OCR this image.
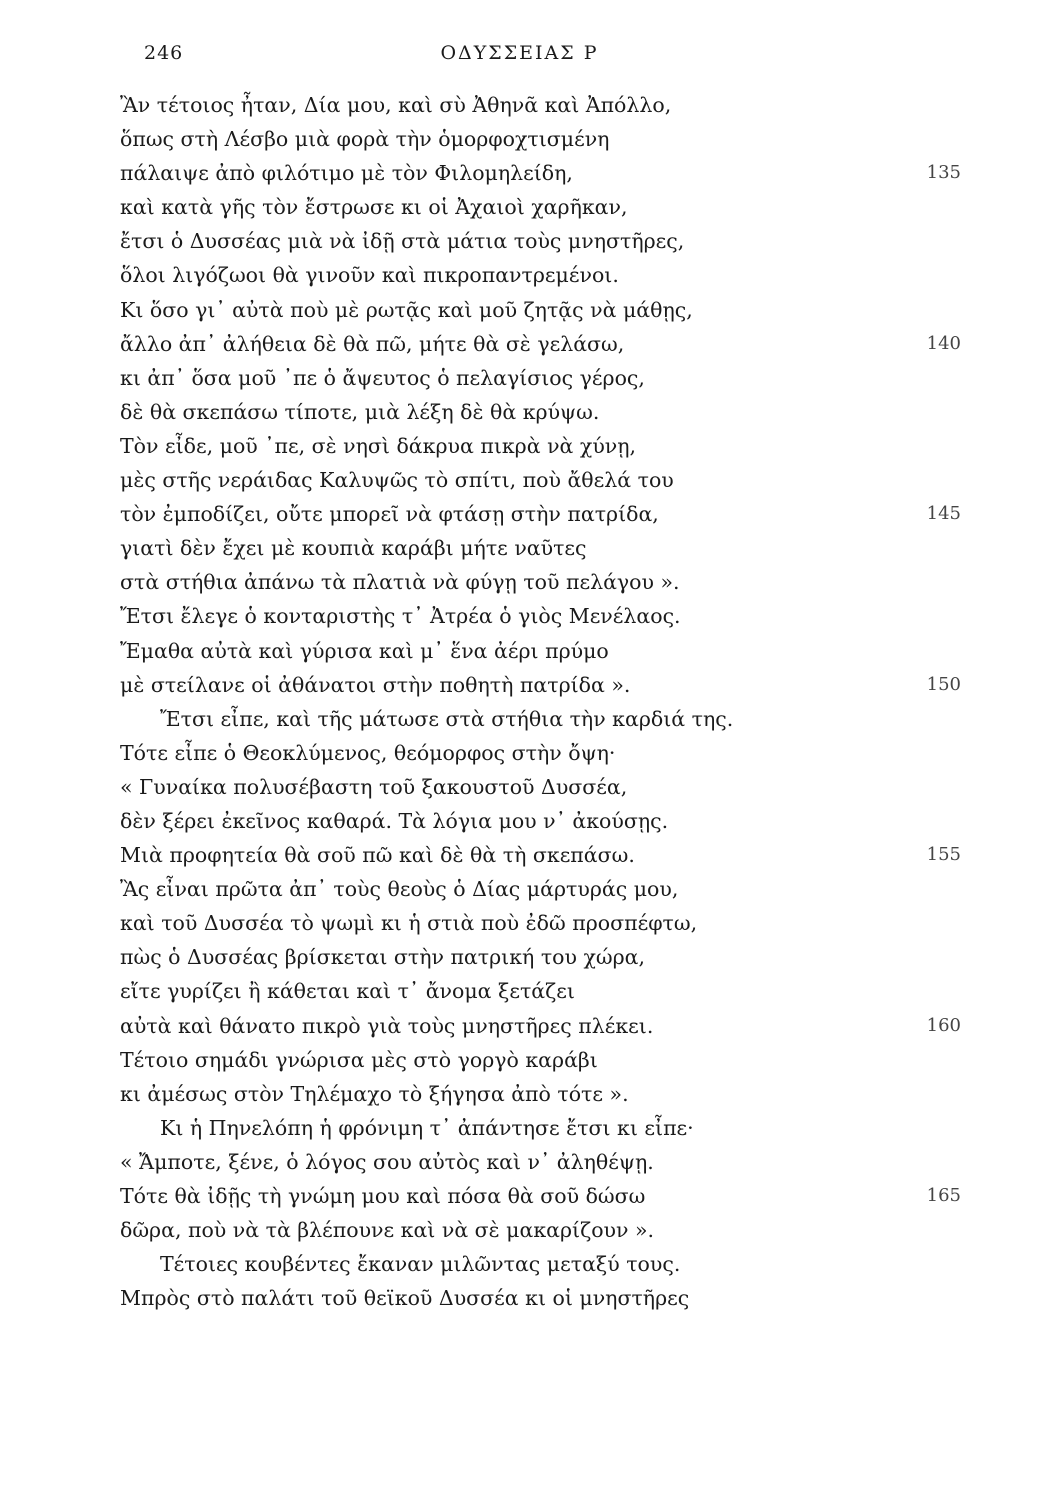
246	ΟΔΥΣΣΕΙΑΣ Ρ
Ἂν τέτοιος ἦταν, Δία μου, καὶ σὺ Ἀθηνᾶ καὶ Ἀπόλλο,
ὅπως στὴ Λέσβο μιὰ φορὰ τὴν ὁμορφοχτισμένη
πάλαιψε ἀπὸ φιλότιμο μὲ τὸν Φιλομηλείδη,	135
καὶ κατὰ γῆς τὸν ἔστρωσε κι οἱ Ἀχαιοὶ χαρῆκαν,
ἔτσι ὁ Δυσσέας μιὰ νὰ ἰδῇ στὰ μάτια τοὺς μνηστῆρες,
ὅλοι λιγόζωοι θὰ γινοῦν καὶ πικροπαντρεμένοι.
Κι ὅσο γι᾽ αὐτὰ ποὺ μὲ ρωτᾷς καὶ μοῦ ζητᾷς νὰ μάθῃς,
ἄλλο ἀπ᾽ ἀλήθεια δὲ θὰ πῶ, μήτε θὰ σὲ γελάσω,	140
κι ἀπ᾽ ὅσα μοῦ ᾽πε ὁ ἄψευτος ὁ πελαγίσιος γέρος,
δὲ θὰ σκεπάσω τίποτε, μιὰ λέξη δὲ θὰ κρύψω.
Τὸν εἶδε, μοῦ ᾽πε, σὲ νησὶ δάκρυα πικρὰ νὰ χύνῃ,
μὲς στῆς νεράιδας Καλυψῶς τὸ σπίτι, ποὺ ἄθελά του
τὸν ἐμποδίζει, οὔτε μπορεῖ νὰ φτάσῃ στὴν πατρίδα,	145
γιατὶ δὲν ἔχει μὲ κουπιὰ καράβι μήτε ναῦτες
στὰ στήθια ἀπάνω τὰ πλατιὰ νὰ φύγῃ τοῦ πελάγου ».
Ἔτσι ἔλεγε ὁ κονταριστὴς τ᾽ Ἀτρέα ὁ γιὸς Μενέλαος.
Ἔμαθα αὐτὰ καὶ γύρισα καὶ μ᾽ ἕνα ἀέρι πρύμο
μὲ στείλανε οἱ ἀθάνατοι στὴν ποθητὴ πατρίδα ».	150
Ἔτσι εἶπε, καὶ τῆς μάτωσε στὰ στήθια τὴν καρδιά της.
Τότε εἶπε ὁ Θεοκλύμενος, θεόμορφος στὴν ὄψη·
« Γυναίκα πολυσέβαστη τοῦ ξακουστοῦ Δυσσέα,
δὲν ξέρει ἐκεῖνος καθαρά. Τὰ λόγια μου ν᾽ ἀκούσῃς.
Μιὰ προφητεία θὰ σοῦ πῶ καὶ δὲ θὰ τὴ σκεπάσω.	155
Ἂς εἶναι πρῶτα ἀπ᾽ τοὺς θεοὺς ὁ Δίας μάρτυράς μου,
καὶ τοῦ Δυσσέα τὸ ψωμὶ κι ἡ στιὰ ποὺ ἐδῶ προσπέφτω,
πὼς ὁ Δυσσέας βρίσκεται στὴν πατρική του χώρα,
εἴτε γυρίζει ἢ κάθεται καὶ τ᾽ ἄνομα ξετάζει
αὐτὰ καὶ θάνατο πικρὸ γιὰ τοὺς μνηστῆρες πλέκει.	160
Τέτοιο σημάδι γνώρισα μὲς στὸ γοργὸ καράβι
κι ἀμέσως στὸν Τηλέμαχο τὸ ξήγησα ἀπὸ τότε ».
Κι ἡ Πηνελόπη ἡ φρόνιμη τ᾽ ἀπάντησε ἔτσι κι εἶπε·
« Ἄμποτε, ξένε, ὁ λόγος σου αὐτὸς καὶ ν᾽ ἀληθέψῃ.
Τότε θὰ ἰδῇς τὴ γνώμη μου καὶ πόσα θὰ σοῦ δώσω	165
δῶρα, ποὺ νὰ τὰ βλέπουνε καὶ νὰ σὲ μακαρίζουν ».
Τέτοιες κουβέντες ἔκαναν μιλῶντας μεταξύ τους.
Μπρὸς στὸ παλάτι τοῦ θεϊκοῦ Δυσσέα κι οἱ μνηστῆρες
